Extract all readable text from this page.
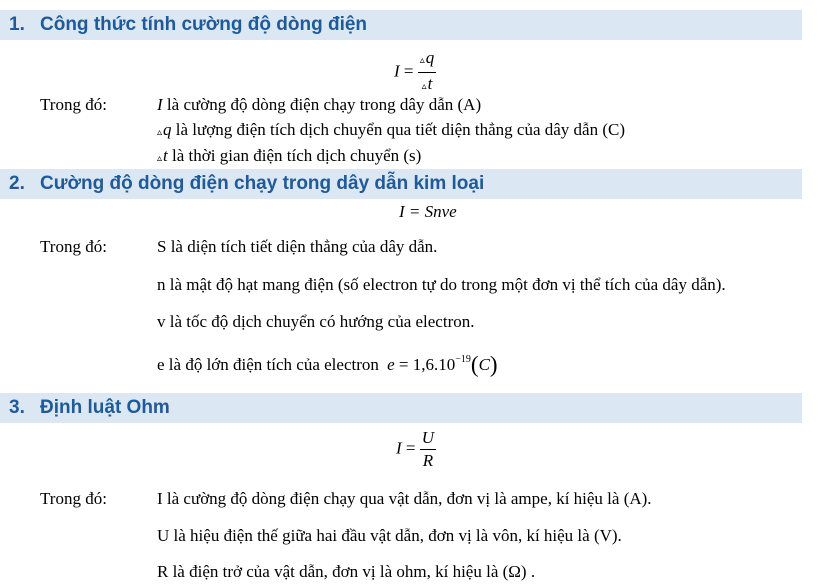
1. Công thức tính cường độ dòng điện
$I = \frac{▵q}{▵t}$
Trong đó:	I là cường độ dòng điện chạy trong dây dẫn (A)
▵q là lượng điện tích dịch chuyển qua tiết diện thẳng của dây dẫn (C)
▵t là thời gian điện tích dịch chuyển (s)
2. Cường độ dòng điện chạy trong dây dẫn kim loại
I = Snve
Trong đó:	S là diện tích tiết diện thẳng của dây dẫn.
n là mật độ hạt mang điện (số electron tự do trong một đơn vị thể tích của dây dẫn).
v là tốc độ dịch chuyển có hướng của electron.
e là độ lớn điện tích của electron $e = 1,6.10^{-19}(C)$
3. Định luật Ohm
$I = \frac{U}{R}$
Trong đó:	I là cường độ dòng điện chạy qua vật dẫn, đơn vị là ampe, kí hiệu là (A).
U là hiệu điện thế giữa hai đầu vật dẫn, đơn vị là vôn, kí hiệu là (V).
R là điện trở của vật dẫn, đơn vị là ohm, kí hiệu là (Ω) .
